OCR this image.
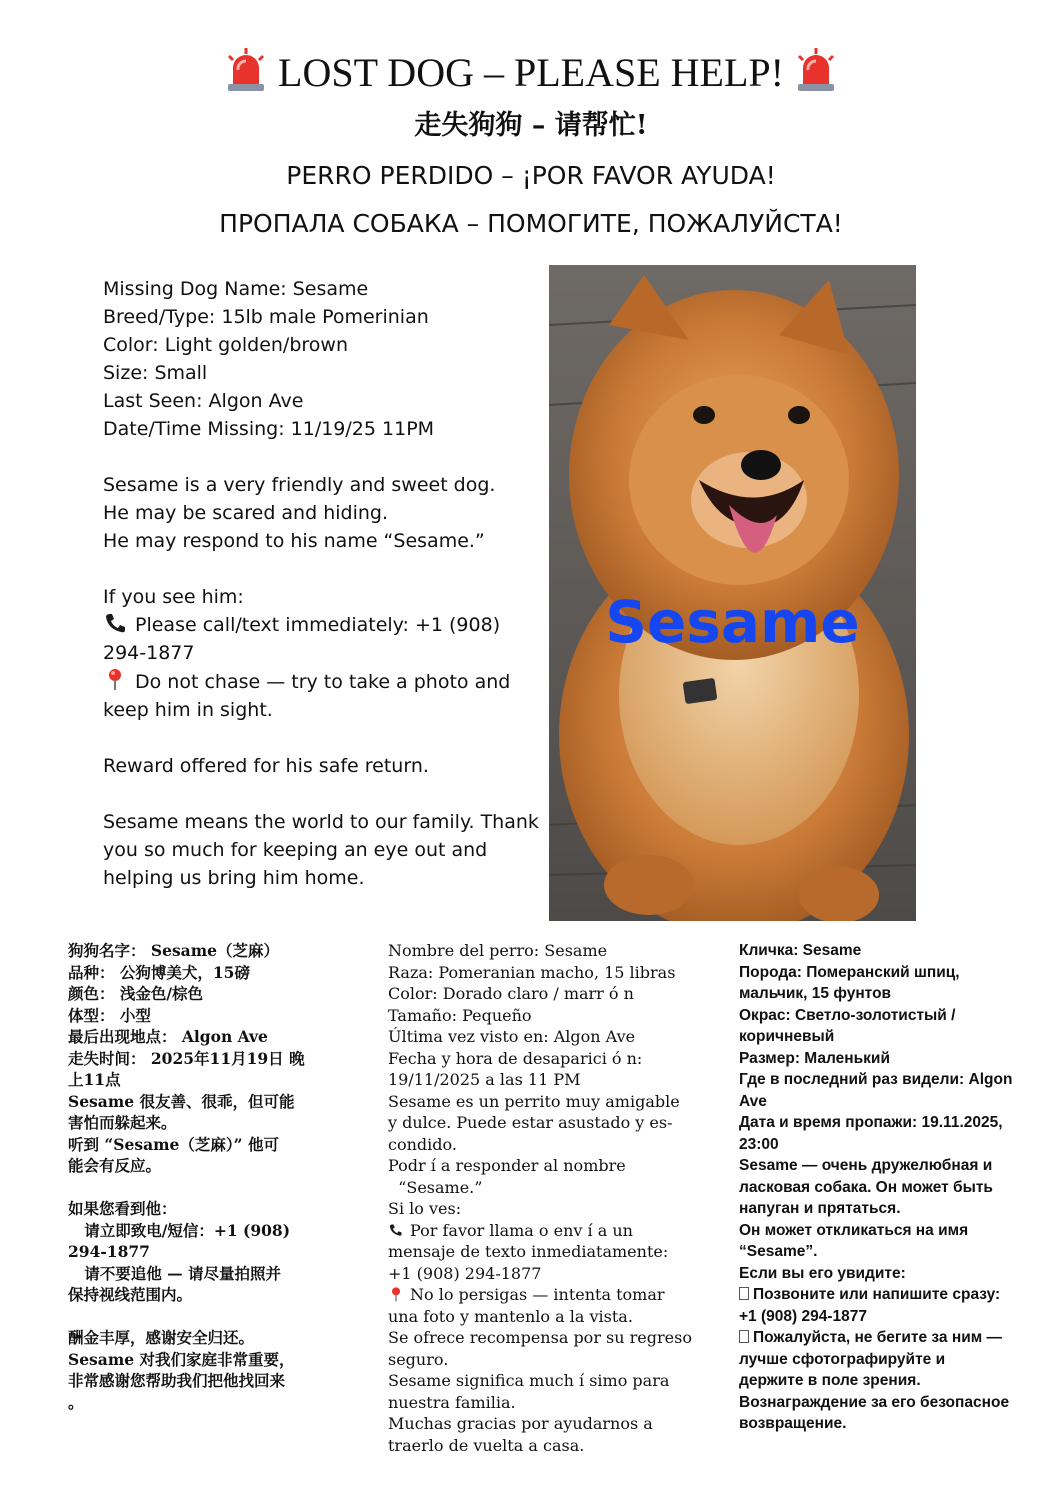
LOST DOG – PLEASE HELP!
走失狗狗 – 请帮忙!
PERRO PERDIDO – ¡POR FAVOR AYUDA!
ПРОПАЛА СОБАКА – ПОМОГИТЕ, ПОЖАЛУЙСТА!
Missing Dog Name: Sesame
Breed/Type: 15lb male Pomerinian
Color: Light golden/brown
Size: Small
Last Seen: Algon Ave
Date/Time Missing: 11/19/25 11PM
Sesame is a very friendly and sweet dog.
He may be scared and hiding.
He may respond to his name “Sesame.”
If you see him:
Please call/text immediately: +1 (908) 294-1877
Do not chase — try to take a photo and keep him in sight.
Reward offered for his safe return.
Sesame means the world to our family. Thank you so much for keeping an eye out and helping us bring him home.
Sesame
狗狗名字： Sesame（芝麻）
品种： 公狗博美犬，15磅
颜色： 浅金色/棕色
体型： 小型
最后出现地点： Algon Ave
走失时间： 2025年11月19日 晚
上11点
Sesame 很友善、很乖，但可能
害怕而躲起来。
听到 “Sesame（芝麻）” 他可
能会有反应。
如果您看到他：
请立即致电/短信：+1 (908)
294-1877
请不要追他 — 请尽量拍照并
保持视线范围内。
酬金丰厚，感谢安全归还。
Sesame 对我们家庭非常重要，
非常感谢您帮助我们把他找回来
。
Nombre del perro: Sesame
Raza: Pomeranian macho, 15 libras
Color: Dorado claro / marr ó n
Tamaño: Pequeño
Última vez visto en: Algon Ave
Fecha y hora de desaparici ó n:
19/11/2025 a las 11 PM
Sesame es un perrito muy amigable
y dulce. Puede estar asustado y es-
condido.
Podr í a responder al nombre
“Sesame.”
Si lo ves:
Por favor llama o env í a un
mensaje de texto inmediatamente:
+1 (908) 294-1877
No lo persigas — intenta tomar
una foto y mantenlo a la vista.
Se ofrece recompensa por su regreso
seguro.
Sesame significa much í simo para
nuestra familia.
Muchas gracias por ayudarnos a
traerlo de vuelta a casa.
Кличка: Sesame
Порода: Померанский шпиц,
мальчик, 15 фунтов
Окрас: Светло-золотистый /
коричневый
Размер: Маленький
Где в последний раз видели: Algon
Ave
Дата и время пропажи: 19.11.2025,
23:00
Sesame — очень дружелюбная и
ласковая собака. Он может быть
напуган и прятаться.
Он может откликаться на имя
“Sesame”.
Если вы его увидите:
Позвоните или напишите сразу:
+1 (908) 294-1877
Пожалуйста, не бегите за ним —
лучше сфотографируйте и
держите в поле зрения.
Вознаграждение за его безопасное
возвращение.
